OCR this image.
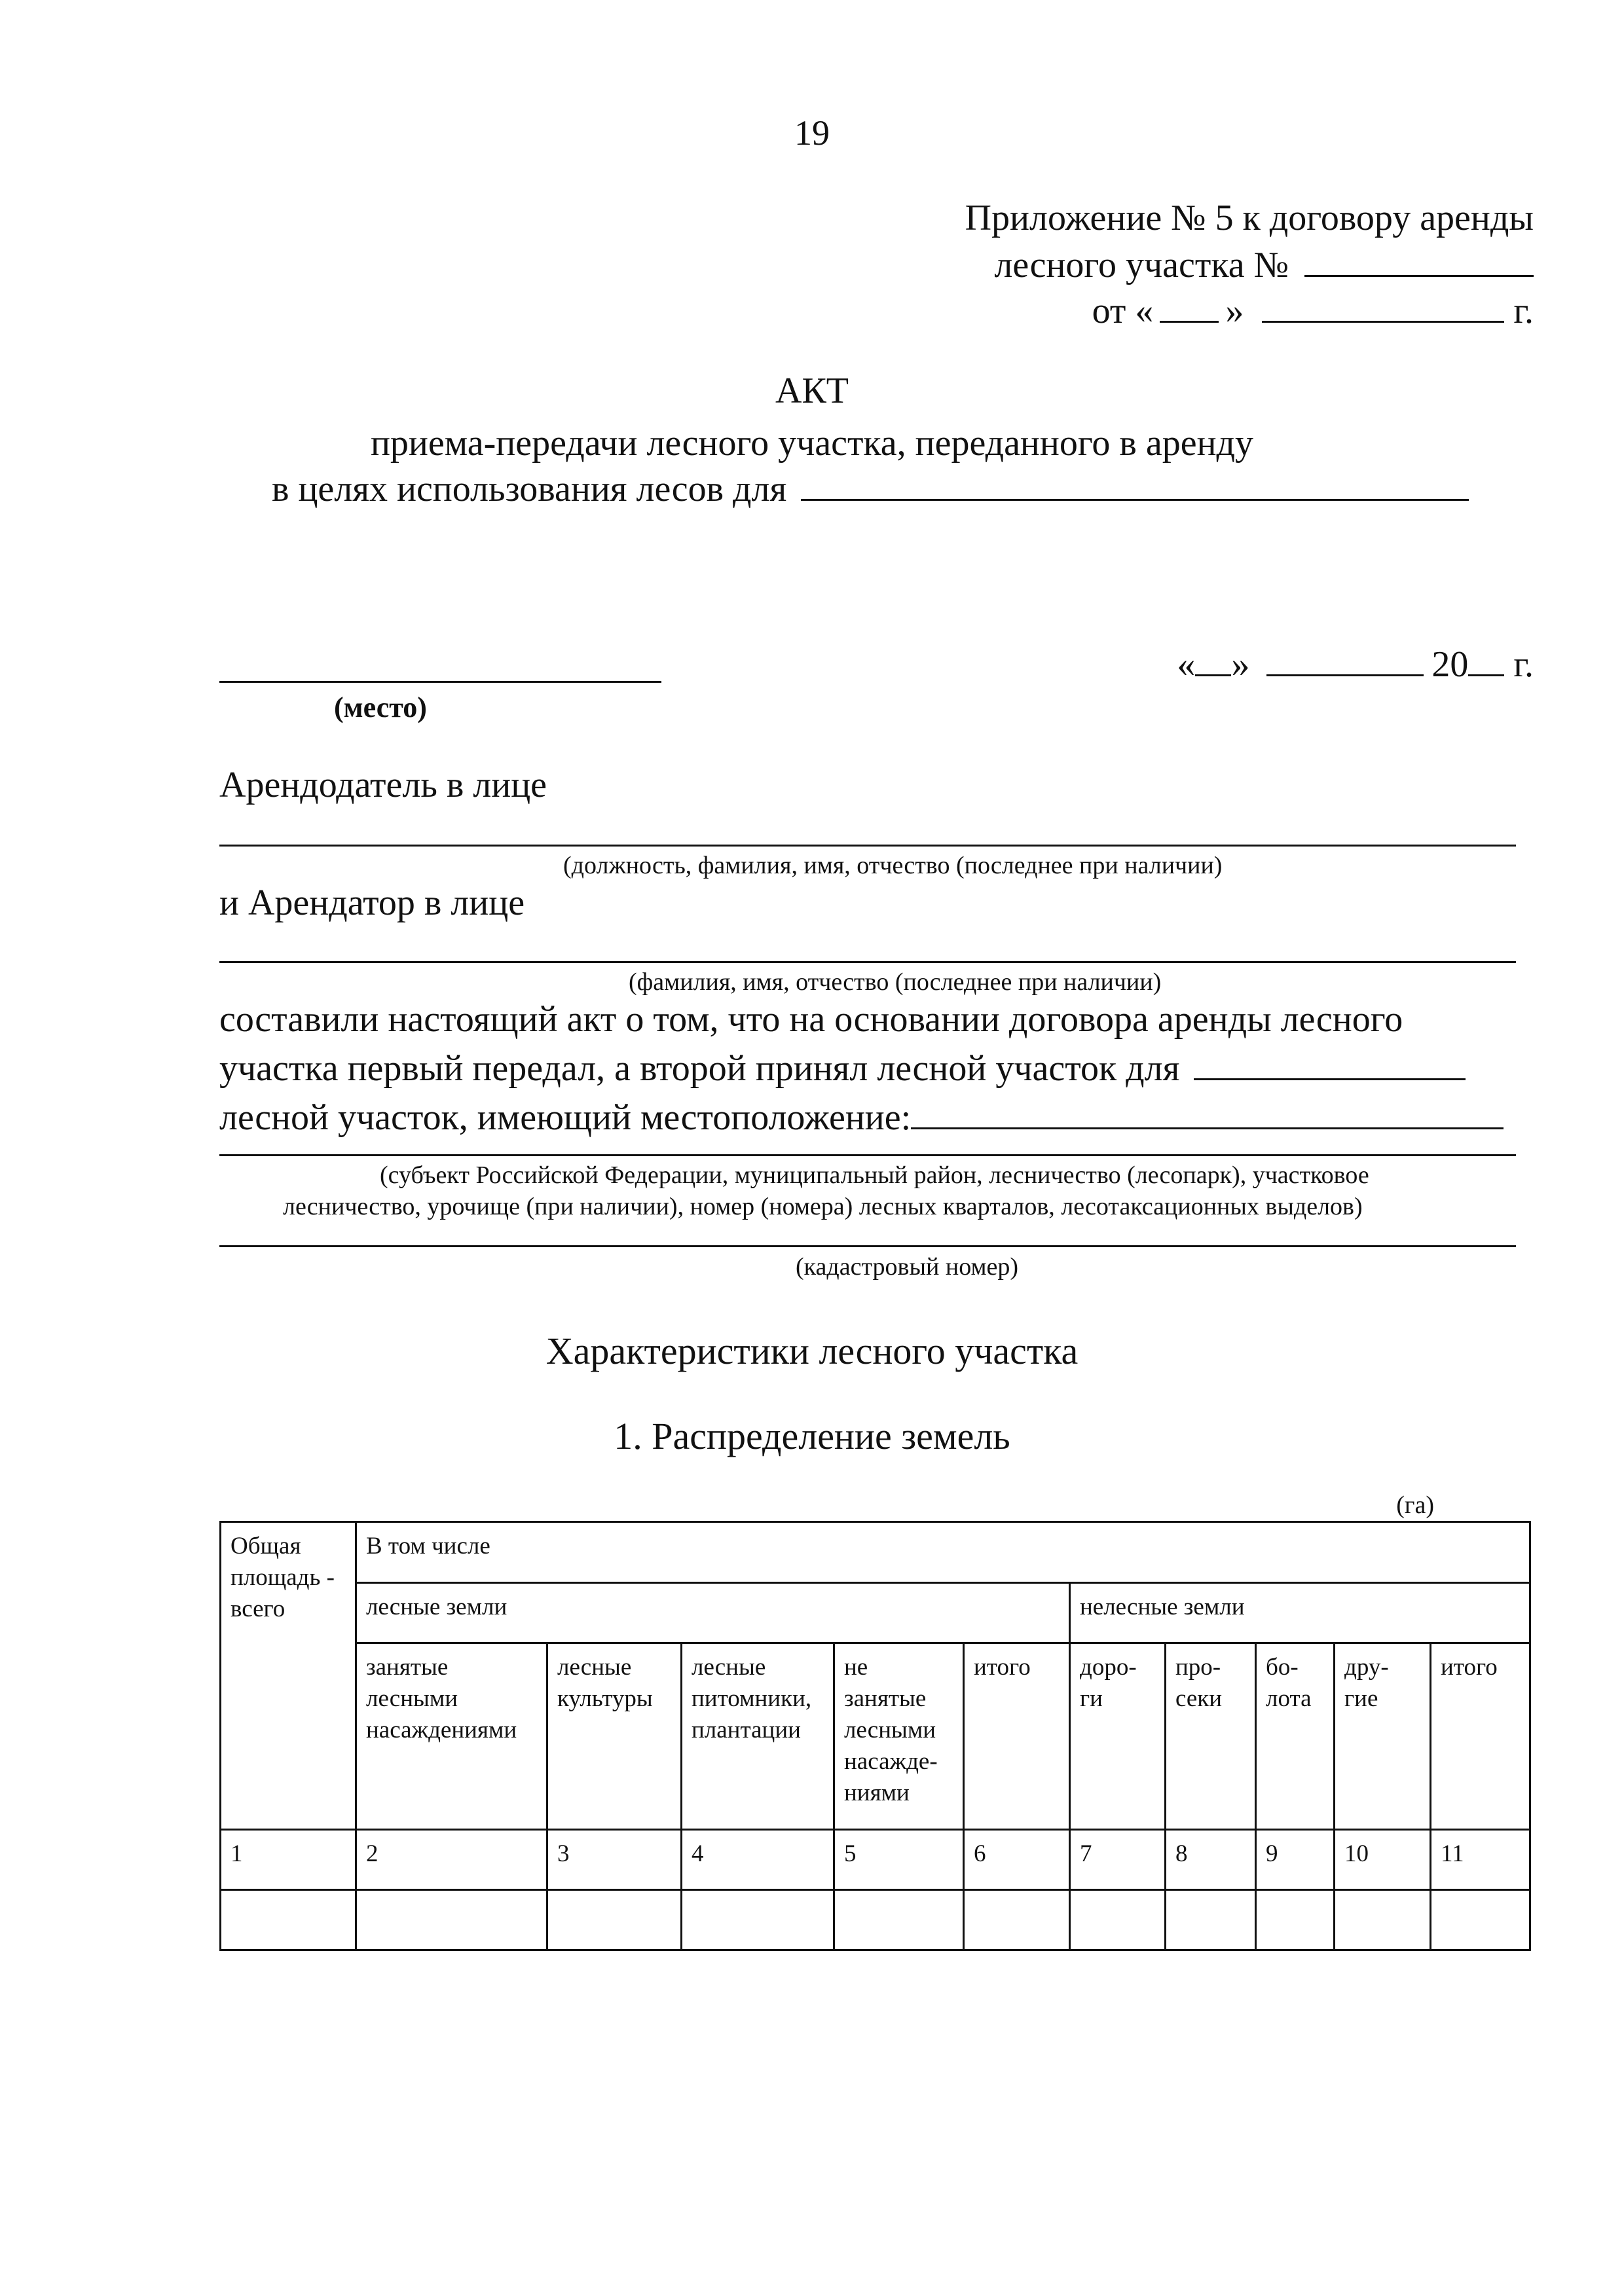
19
Приложение № 5 к договору аренды
лесного участка №
от « »	г.
АКТ
приема-передачи лесного участка, переданного в аренду
в целях использования лесов для
« »	20 г.
(место)
Арендодатель в лице
(должность, фамилия, имя, отчество (последнее при наличии)
и Арендатор в лице
(фамилия, имя, отчество (последнее при наличии)
составили настоящий акт о том, что на основании договора аренды лесного
участка первый передал, а второй принял лесной участок для
лесной участок, имеющий местоположение:
(субъект Российской Федерации, муниципальный район, лесничество (лесопарк), участковое
лесничество, урочище (при наличии), номер (номера) лесных кварталов, лесотаксационных выделов)
(кадастровый номер)
Характеристики лесного участка
1. Распределение земель
(га)
Общая площадь - всего	В том числе									
	лесные земли					нелесные земли				
	занятые лесными насаждениями	лесные культуры	лесные питомники, плантации	не занятые лесными насажде-ниями	итого	доро-ги	про-секи	бо-лота	дру-гие	итого
1	2	3	4	5	6	7	8	9	10	11
